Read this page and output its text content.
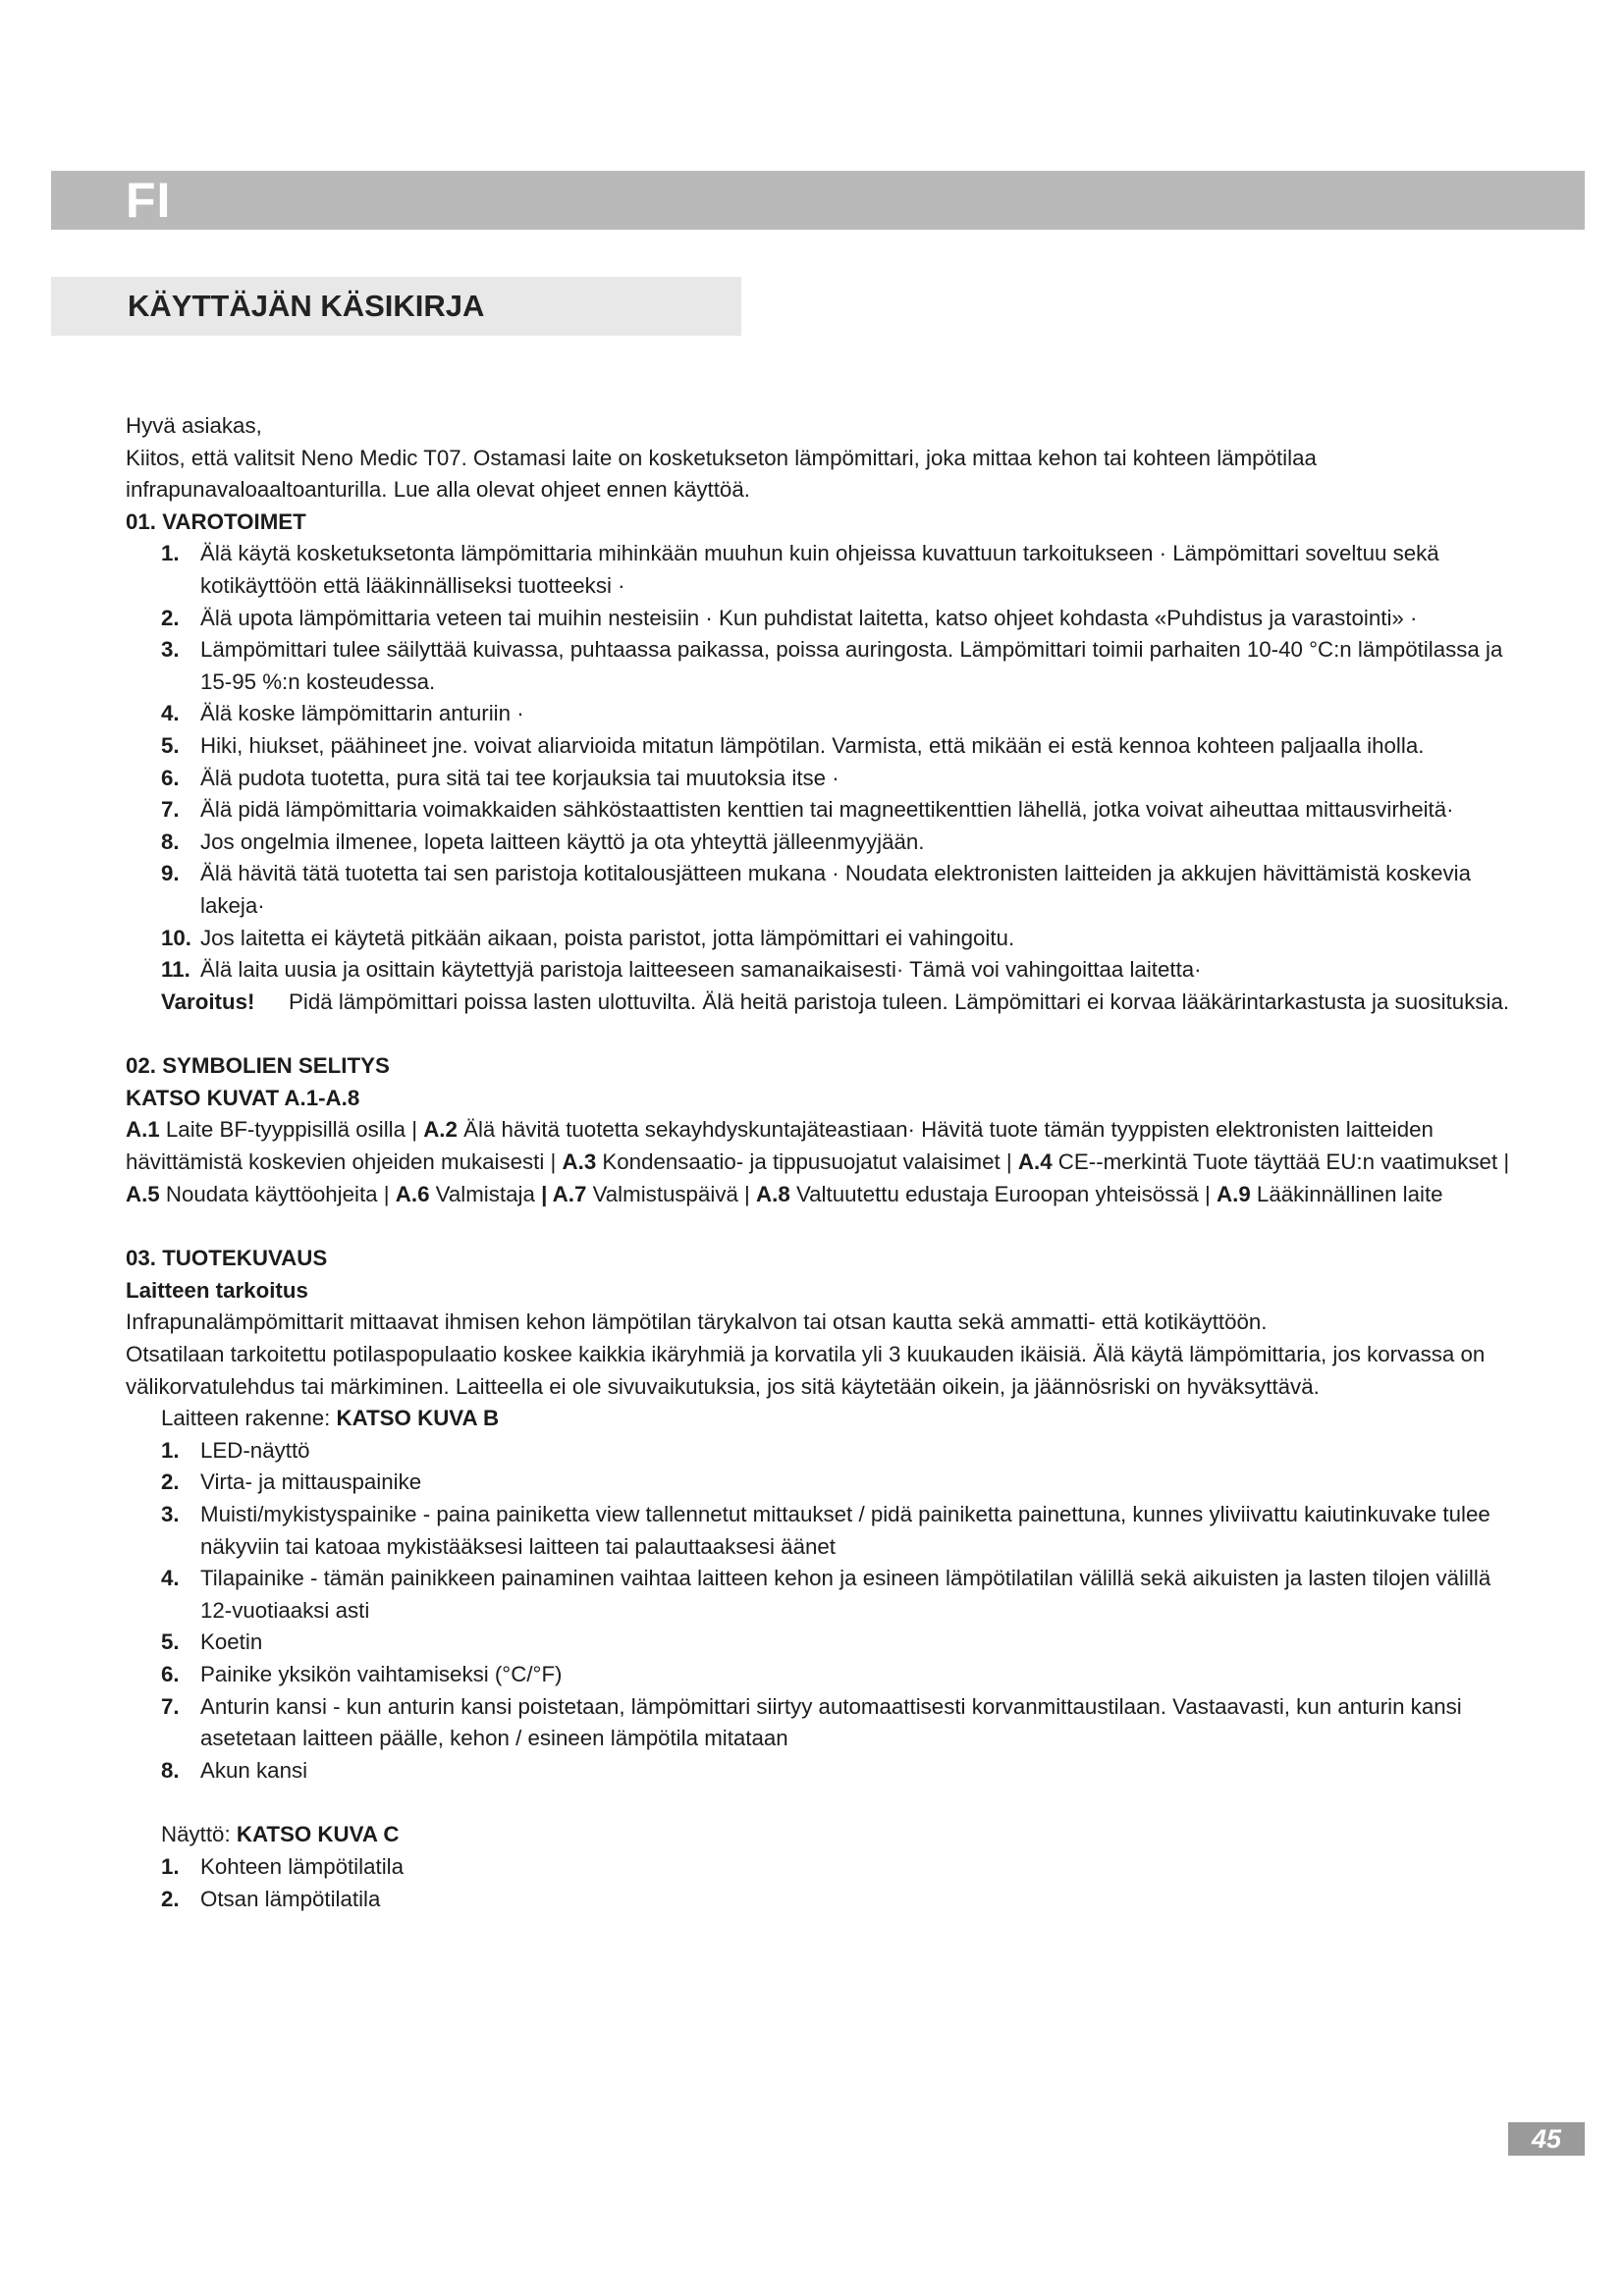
FI
KÄYTTÄJÄN KÄSIKIRJA

Hyvä asiakas,

Kiitos, että valitsit Neno Medic T07. Ostamasi laite on kosketukseton lämpömittari, joka mittaa kehon tai kohteen lämpötilaa infrapunavaloaaltoanturilla. Lue alla olevat ohjeet ennen käyttöä.

01. VAROTOIMET

1. Älä käytä kosketuksetonta lämpömittaria mihinkään muuhun kuin ohjeissa kuvattuun tarkoitukseen · Lämpömittari soveltuu sekä kotikäyttöön että lääkinnälliseksi tuotteeksi ·
2. Älä upota lämpömittaria veteen tai muihin nesteisiin · Kun puhdistat laitetta, katso ohjeet kohdasta «Puhdistus ja varastointi» ·
3. Lämpömittari tulee säilyttää kuivassa, puhtaassa paikassa, poissa auringosta. Lämpömittari toimii parhaiten 10-40 °C:n lämpötilassa ja 15-95 %:n kosteudessa.
4. Älä koske lämpömittarin anturiin ·
5. Hiki, hiukset, päähineet jne. voivat aliarvioida mitatun lämpötilan. Varmista, että mikään ei estä kennoa kohteen paljaalla iholla.
6. Älä pudota tuotetta, pura sitä tai tee korjauksia tai muutoksia itse ·
7. Älä pidä lämpömittaria voimakkaiden sähköstaattisten kenttien tai magneettikenttien lähellä, jotka voivat aiheuttaa mittausvirheitä·
8. Jos ongelmia ilmenee, lopeta laitteen käyttö ja ota yhteyttä jälleenmyyjään.
9. Älä hävitä tätä tuotetta tai sen paristoja kotitalousjätteen mukana · Noudata elektronisten laitteiden ja akkujen hävittämistä koskevia lakeja·
10. Jos laitetta ei käytetä pitkään aikaan, poista paristot, jotta lämpömittari ei vahingoitu.
11. Älä laita uusia ja osittain käytettyjä paristoja laitteeseen samanaikaisesti· Tämä voi vahingoittaa laitetta·
Varoitus! Pidä lämpömittari poissa lasten ulottuvilta. Älä heitä paristoja tuleen. Lämpömittari ei korvaa lääkärintarkastusta ja suosituksia.

02. SYMBOLIEN SELITYS

KATSO KUVAT A.1-A.8

A.1 Laite BF-tyyppisillä osilla | A.2 Älä hävitä tuotetta sekayhdyskuntajäteastiaan· Hävitä tuote tämän tyyppisten elektronisten laitteiden hävittämistä koskevien ohjeiden mukaisesti | A.3 Kondensaatio- ja tippusuojatut valaisimet | A.4 CE--merkintä Tuote täyttää EU:n vaatimukset | A.5 Noudata käyttöohjeita | A.6 Valmistaja | A.7 Valmistuspäivä | A.8 Valtuutettu edustaja Euroopan yhteisössä | A.9 Lääkinnällinen laite

03. TUOTEKUVAUS

Laitteen tarkoitus

Infrapunalämpömittarit mittaavat ihmisen kehon lämpötilan tärykalvon tai otsan kautta sekä ammatti- että kotikäyttöön.

Otsatilaan tarkoitettu potilaspopulaatio koskee kaikkia ikäryhmiä ja korvatila yli 3 kuukauden ikäisiä. Älä käytä lämpömittaria, jos korvassa on välikorvatulehdus tai märkiminen. Laitteella ei ole sivuvaikutuksia, jos sitä käytetään oikein, ja jäännösriski on hyväksyttävä.

Laitteen rakenne: KATSO KUVA B

1. LED-näyttö
2. Virta- ja mittauspainike
3. Muisti/mykistyspainike - paina painiketta view tallennetut mittaukset / pidä painiketta painettuna, kunnes yliviivattu kaiutinkuvake tulee näkyviin tai katoaa mykistääksesi laitteen tai palauttaaksesi äänet
4. Tilapainike - tämän painikkeen painaminen vaihtaa laitteen kehon ja esineen lämpötilatilan välillä sekä aikuisten ja lasten tilojen välillä 12-vuotiaaksi asti
5. Koetin
6. Painike yksikön vaihtamiseksi (°C/°F)
7. Anturin kansi - kun anturin kansi poistetaan, lämpömittari siirtyy automaattisesti korvanmittaustilaan. Vastaavasti, kun anturin kansi asetetaan laitteen päälle, kehon / esineen lämpötila mitataan
8. Akun kansi

Näyttö: KATSO KUVA C

1. Kohteen lämpötilatila
2. Otsan lämpötilatila
45
